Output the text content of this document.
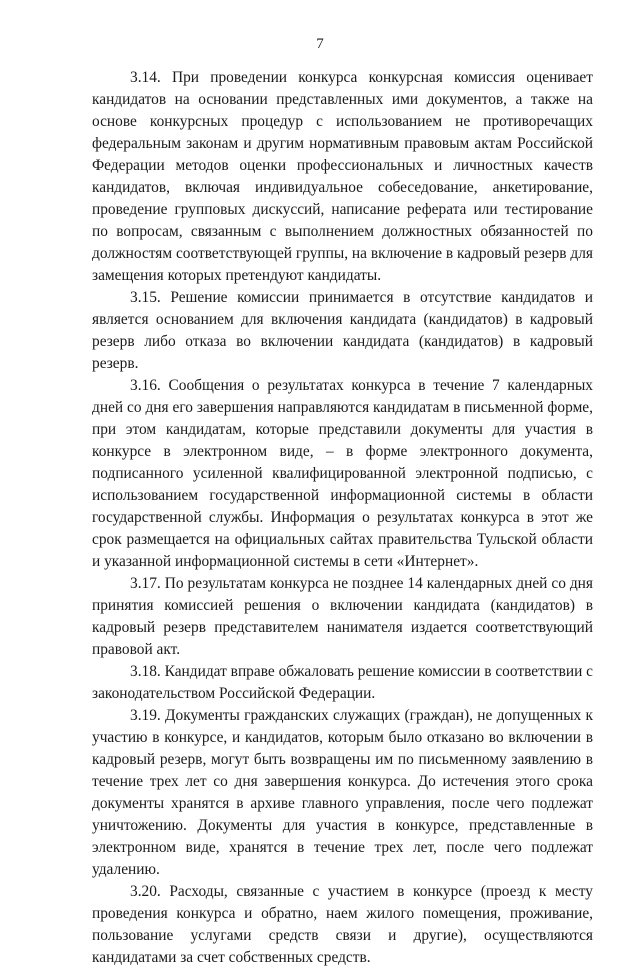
7

3.14. При проведении конкурса конкурсная комиссия оценивает кандидатов на основании представленных ими документов, а также на основе конкурсных процедур с использованием не противоречащих федеральным законам и другим нормативным правовым актам Российской Федерации методов оценки профессиональных и личностных качеств кандидатов, включая индивидуальное собеседование, анкетирование, проведение групповых дискуссий, написание реферата или тестирование по вопросам, связанным с выполнением должностных обязанностей по должностям соответствующей группы, на включение в кадровый резерв для замещения которых претендуют кандидаты.

3.15. Решение комиссии принимается в отсутствие кандидатов и является основанием для включения кандидата (кандидатов) в кадровый резерв либо отказа во включении кандидата (кандидатов) в кадровый резерв.

3.16. Сообщения о результатах конкурса в течение 7 календарных дней со дня его завершения направляются кандидатам в письменной форме, при этом кандидатам, которые представили документы для участия в конкурсе в электронном виде, – в форме электронного документа, подписанного усиленной квалифицированной электронной подписью, с использованием государственной информационной системы в области государственной службы. Информация о результатах конкурса в этот же срок размещается на официальных сайтах правительства Тульской области и указанной информационной системы в сети «Интернет».

3.17. По результатам конкурса не позднее 14 календарных дней со дня принятия комиссией решения о включении кандидата (кандидатов) в кадровый резерв представителем нанимателя издается соответствующий правовой акт.

3.18. Кандидат вправе обжаловать решение комиссии в соответствии с законодательством Российской Федерации.

3.19. Документы гражданских служащих (граждан), не допущенных к участию в конкурсе, и кандидатов, которым было отказано во включении в кадровый резерв, могут быть возвращены им по письменному заявлению в течение трех лет со дня завершения конкурса. До истечения этого срока документы хранятся в архиве главного управления, после чего подлежат уничтожению. Документы для участия в конкурсе, представленные в электронном виде, хранятся в течение трех лет, после чего подлежат удалению.

3.20. Расходы, связанные с участием в конкурсе (проезд к месту проведения конкурса и обратно, наем жилого помещения, проживание, пользование услугами средств связи и другие), осуществляются кандидатами за счет собственных средств.
